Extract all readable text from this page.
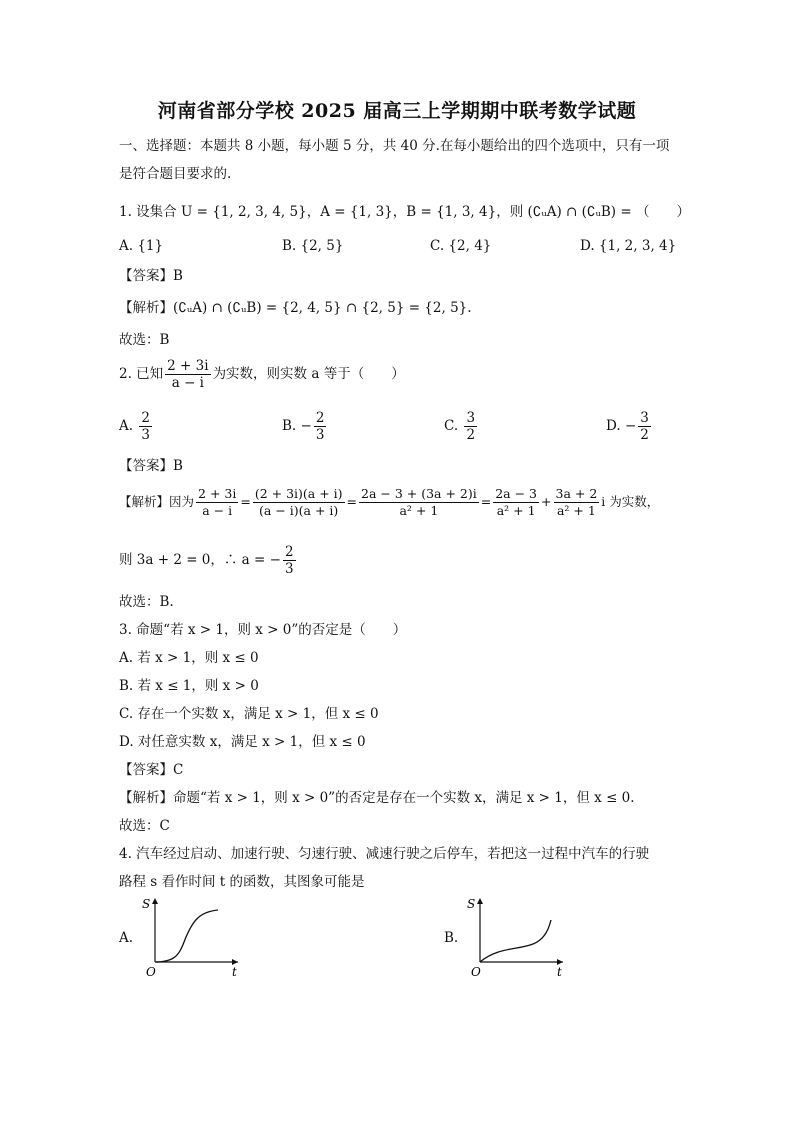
河南省部分学校 2025 届高三上学期期中联考数学试题
一、选择题：本题共 8 小题，每小题 5 分，共 40 分.在每小题给出的四个选项中，只有一项
是符合题目要求的.
1. 设集合 U = {1, 2, 3, 4, 5}，A = {1, 3}，B = {1, 3, 4}，则 (∁ᵤA) ∩ (∁ᵤB) = （　　）
A. {1}	B. {2, 5}	C. {2, 4}	D. {1, 2, 3, 4}
【答案】B
【解析】(∁ᵤA) ∩ (∁ᵤB) = {2, 4, 5} ∩ {2, 5} = {2, 5}.
故选：B
2. 已知 $\frac{2 + 3i}{a - i}$ 为实数，则实数 a 等于（　　）
A. $\frac{2}{3}$	B. − $\frac{2}{3}$	C. $\frac{3}{2}$	D. − $\frac{3}{2}$
【答案】B
【解析】因为 $\frac{2 + 3i}{a - i} = \frac{(2 + 3i)(a + i)}{(a - i)(a + i)} = \frac{2a - 3 + (3a + 2)i}{\text{a² + 1}} = \frac{2a - 3}{\text{a² + 1}} + \frac{3a + 2}{\text{a² + 1}}$ i 为实数，
则 3a + 2 = 0，∴ a = − $\frac{2}{3}$
故选：B.
3. 命题“若 x > 1，则 x > 0”的否定是（　　）
A. 若 x > 1，则 x ≤ 0
B. 若 x ≤ 1，则 x > 0
C. 存在一个实数 x，满足 x > 1，但 x ≤ 0
D. 对任意实数 x，满足 x > 1，但 x ≤ 0
【答案】C
【解析】命题“若 x > 1，则 x > 0”的否定是存在一个实数 x，满足 x > 1，但 x ≤ 0.
故选：C
4. 汽车经过启动、加速行驶、匀速行驶、减速行驶之后停车，若把这一过程中汽车的行驶
路程 s 看作时间 t 的函数，其图象可能是
A.
S
t
O
B.
S
t
O
